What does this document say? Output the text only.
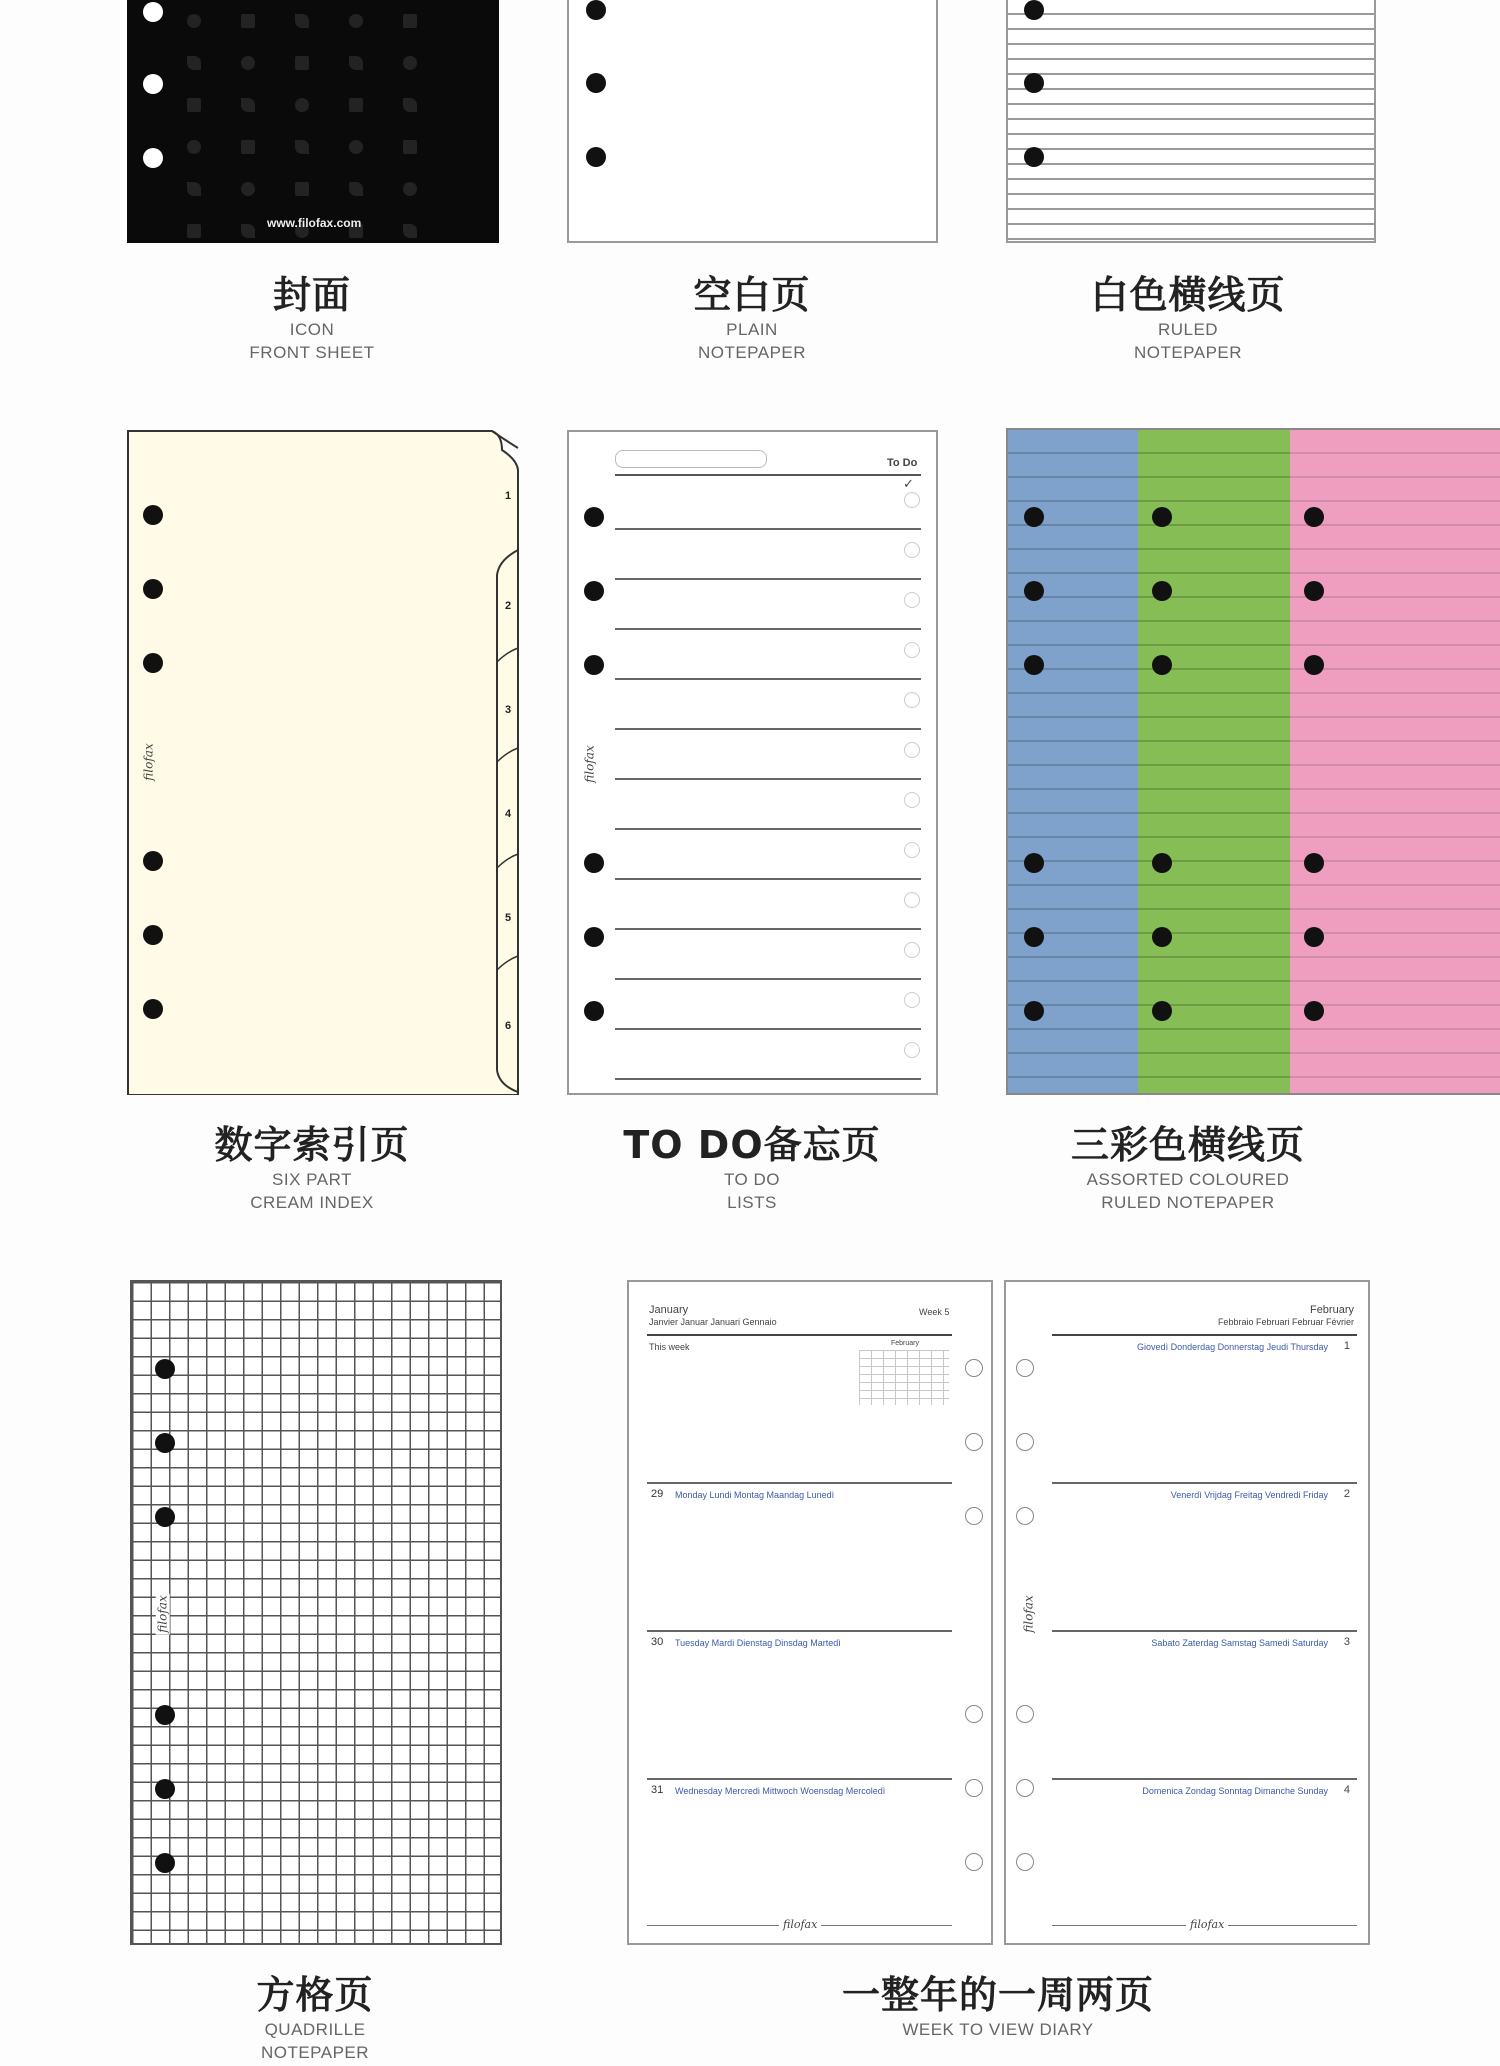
www.filofax.com
封面
ICON
FRONT SHEET
空白页
PLAIN
NOTEPAPER
白色横线页
RULED
NOTEPAPER
filofax
1
2
3
4
5
6
To Do
✓
filofax
数字索引页
SIX PART
CREAM INDEX
TO DO备忘页
TO DO
LISTS
三彩色横线页
ASSORTED COLOURED
RULED NOTEPAPER
filofax
January
Janvier Januar Januari Gennaio
Week 5
This week	February
29 Monday Lundi Montag Maandag Lunedì
30 Tuesday Mardi Dienstag Dinsdag Martedì
31 Wednesday Mercredi Mittwoch Woensdag Mercoledì
filofax
February
Febbraio Februari Februar Février
Giovedì Donderdag Donnerstag Jeudi Thursday 1
Venerdì Vrijdag Freitag Vendredi Friday 2
Sabato Zaterdag Samstag Samedi Saturday 3
Domenica Zondag Sonntag Dimanche Sunday 4
filofax
filofax
方格页
QUADRILLE
NOTEPAPER
一整年的一周两页
WEEK TO VIEW DIARY
